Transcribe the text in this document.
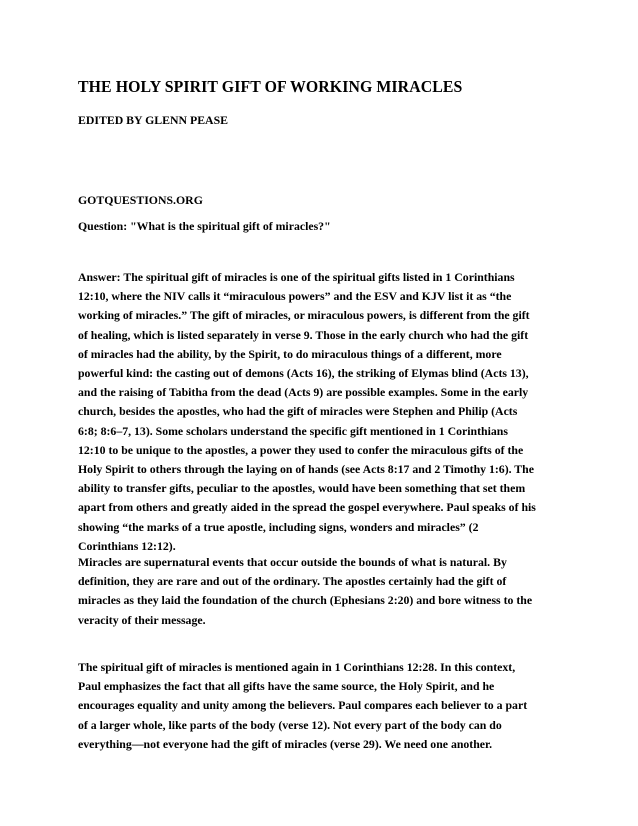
THE HOLY SPIRIT GIFT OF WORKING MIRACLES

EDITED BY GLENN PEASE

GOTQUESTIONS.ORG

Question: "What is the spiritual gift of miracles?"

Answer: The spiritual gift of miracles is one of the spiritual gifts listed in 1 Corinthians
12:10, where the NIV calls it “miraculous powers” and the ESV and KJV list it as “the
working of miracles.” The gift of miracles, or miraculous powers, is different from the gift
of healing, which is listed separately in verse 9. Those in the early church who had the gift
of miracles had the ability, by the Spirit, to do miraculous things of a different, more
powerful kind: the casting out of demons (Acts 16), the striking of Elymas blind (Acts 13),
and the raising of Tabitha from the dead (Acts 9) are possible examples. Some in the early
church, besides the apostles, who had the gift of miracles were Stephen and Philip (Acts
6:8; 8:6–7, 13). Some scholars understand the specific gift mentioned in 1 Corinthians
12:10 to be unique to the apostles, a power they used to confer the miraculous gifts of the
Holy Spirit to others through the laying on of hands (see Acts 8:17 and 2 Timothy 1:6). The
ability to transfer gifts, peculiar to the apostles, would have been something that set them
apart from others and greatly aided in the spread the gospel everywhere. Paul speaks of his
showing “the marks of a true apostle, including signs, wonders and miracles” (2
Corinthians 12:12).

Miracles are supernatural events that occur outside the bounds of what is natural. By
definition, they are rare and out of the ordinary. The apostles certainly had the gift of
miracles as they laid the foundation of the church (Ephesians 2:20) and bore witness to the
veracity of their message.

The spiritual gift of miracles is mentioned again in 1 Corinthians 12:28. In this context,
Paul emphasizes the fact that all gifts have the same source, the Holy Spirit, and he
encourages equality and unity among the believers. Paul compares each believer to a part
of a larger whole, like parts of the body (verse 12). Not every part of the body can do
everything—not everyone had the gift of miracles (verse 29). We need one another.
